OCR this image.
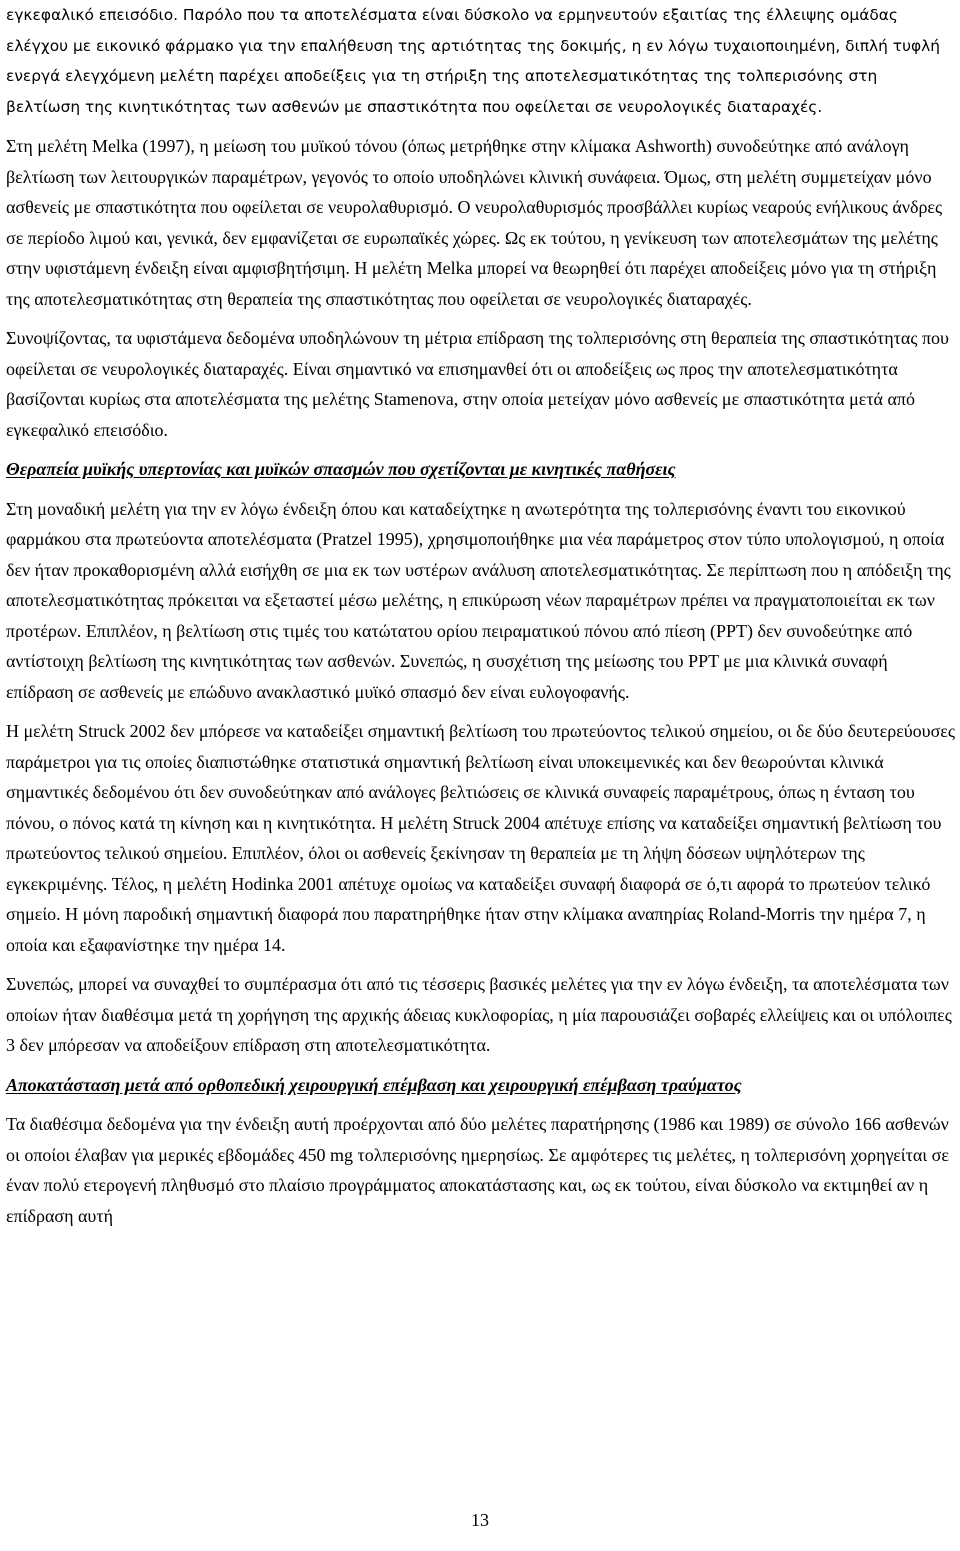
εγκεφαλικό επεισόδιο. Παρόλο που τα αποτελέσματα είναι δύσκολο να ερμηνευτούν εξαιτίας της έλλειψης ομάδας ελέγχου με εικονικό φάρμακο για την επαλήθευση της αρτιότητας της δοκιμής, η εν λόγω τυχαιοποιημένη, διπλή τυφλή ενεργά ελεγχόμενη μελέτη παρέχει αποδείξεις για τη στήριξη της αποτελεσματικότητας της τολπερισόνης στη βελτίωση της κινητικότητας των ασθενών με σπαστικότητα που οφείλεται σε νευρολογικές διαταραχές.

Στη μελέτη Melka (1997), η μείωση του μυϊκού τόνου (όπως μετρήθηκε στην κλίμακα Ashworth) συνοδεύτηκε από ανάλογη βελτίωση των λειτουργικών παραμέτρων, γεγονός το οποίο υποδηλώνει κλινική συνάφεια. Όμως, στη μελέτη συμμετείχαν μόνο ασθενείς με σπαστικότητα που οφείλεται σε νευρολαθυρισμό. Ο νευρολαθυρισμός προσβάλλει κυρίως νεαρούς ενήλικους άνδρες σε περίοδο λιμού και, γενικά, δεν εμφανίζεται σε ευρωπαϊκές χώρες. Ως εκ τούτου, η γενίκευση των αποτελεσμάτων της μελέτης στην υφιστάμενη ένδειξη είναι αμφισβητήσιμη. Η μελέτη Melka μπορεί να θεωρηθεί ότι παρέχει αποδείξεις μόνο για τη στήριξη της αποτελεσματικότητας στη θεραπεία της σπαστικότητας που οφείλεται σε νευρολογικές διαταραχές.

Συνοψίζοντας, τα υφιστάμενα δεδομένα υποδηλώνουν τη μέτρια επίδραση της τολπερισόνης στη θεραπεία της σπαστικότητας που οφείλεται σε νευρολογικές διαταραχές. Είναι σημαντικό να επισημανθεί ότι οι αποδείξεις ως προς την αποτελεσματικότητα βασίζονται κυρίως στα αποτελέσματα της μελέτης Stamenova, στην οποία μετείχαν μόνο ασθενείς με σπαστικότητα μετά από εγκεφαλικό επεισόδιο.

Θεραπεία μυϊκής υπερτονίας και μυϊκών σπασμών που σχετίζονται με κινητικές παθήσεις

Στη μοναδική μελέτη για την εν λόγω ένδειξη όπου και καταδείχτηκε η ανωτερότητα της τολπερισόνης έναντι του εικονικού φαρμάκου στα πρωτεύοντα αποτελέσματα (Pratzel 1995), χρησιμοποιήθηκε μια νέα παράμετρος στον τύπο υπολογισμού, η οποία δεν ήταν προκαθορισμένη αλλά εισήχθη σε μια εκ των υστέρων ανάλυση αποτελεσματικότητας. Σε περίπτωση που η απόδειξη της αποτελεσματικότητας πρόκειται να εξεταστεί μέσω μελέτης, η επικύρωση νέων παραμέτρων πρέπει να πραγματοποιείται εκ των προτέρων. Επιπλέον, η βελτίωση στις τιμές του κατώτατου ορίου πειραματικού πόνου από πίεση (PPT) δεν συνοδεύτηκε από αντίστοιχη βελτίωση της κινητικότητας των ασθενών. Συνεπώς, η συσχέτιση της μείωσης του PPT με μια κλινικά συναφή επίδραση σε ασθενείς με επώδυνο ανακλαστικό μυϊκό σπασμό δεν είναι ευλογοφανής.

Η μελέτη Struck 2002 δεν μπόρεσε να καταδείξει σημαντική βελτίωση του πρωτεύοντος τελικού σημείου, οι δε δύο δευτερεύουσες παράμετροι για τις οποίες διαπιστώθηκε στατιστικά σημαντική βελτίωση είναι υποκειμενικές και δεν θεωρούνται κλινικά σημαντικές δεδομένου ότι δεν συνοδεύτηκαν από ανάλογες βελτιώσεις σε κλινικά συναφείς παραμέτρους, όπως η ένταση του πόνου, ο πόνος κατά τη κίνηση και η κινητικότητα. Η μελέτη Struck 2004 απέτυχε επίσης να καταδείξει σημαντική βελτίωση του πρωτεύοντος τελικού σημείου. Επιπλέον, όλοι οι ασθενείς ξεκίνησαν τη θεραπεία με τη λήψη δόσεων υψηλότερων της εγκεκριμένης. Τέλος, η μελέτη Hodinka 2001 απέτυχε ομοίως να καταδείξει συναφή διαφορά σε ό,τι αφορά το πρωτεύον τελικό σημείο. Η μόνη παροδική σημαντική διαφορά που παρατηρήθηκε ήταν στην κλίμακα αναπηρίας Roland-Morris την ημέρα 7, η οποία και εξαφανίστηκε την ημέρα 14.

Συνεπώς, μπορεί να συναχθεί το συμπέρασμα ότι από τις τέσσερις βασικές μελέτες για την εν λόγω ένδειξη, τα αποτελέσματα των οποίων ήταν διαθέσιμα μετά τη χορήγηση της αρχικής άδειας κυκλοφορίας, η μία παρουσιάζει σοβαρές ελλείψεις και οι υπόλοιπες 3 δεν μπόρεσαν να αποδείξουν επίδραση στη αποτελεσματικότητα.

Αποκατάσταση μετά από ορθοπεδική χειρουργική επέμβαση και χειρουργική επέμβαση τραύματος

Τα διαθέσιμα δεδομένα για την ένδειξη αυτή προέρχονται από δύο μελέτες παρατήρησης (1986 και 1989) σε σύνολο 166 ασθενών οι οποίοι έλαβαν για μερικές εβδομάδες 450 mg τολπερισόνης ημερησίως. Σε αμφότερες τις μελέτες, η τολπερισόνη χορηγείται σε έναν πολύ ετερογενή πληθυσμό στο πλαίσιο προγράμματος αποκατάστασης και, ως εκ τούτου, είναι δύσκολο να εκτιμηθεί αν η επίδραση αυτή

13
